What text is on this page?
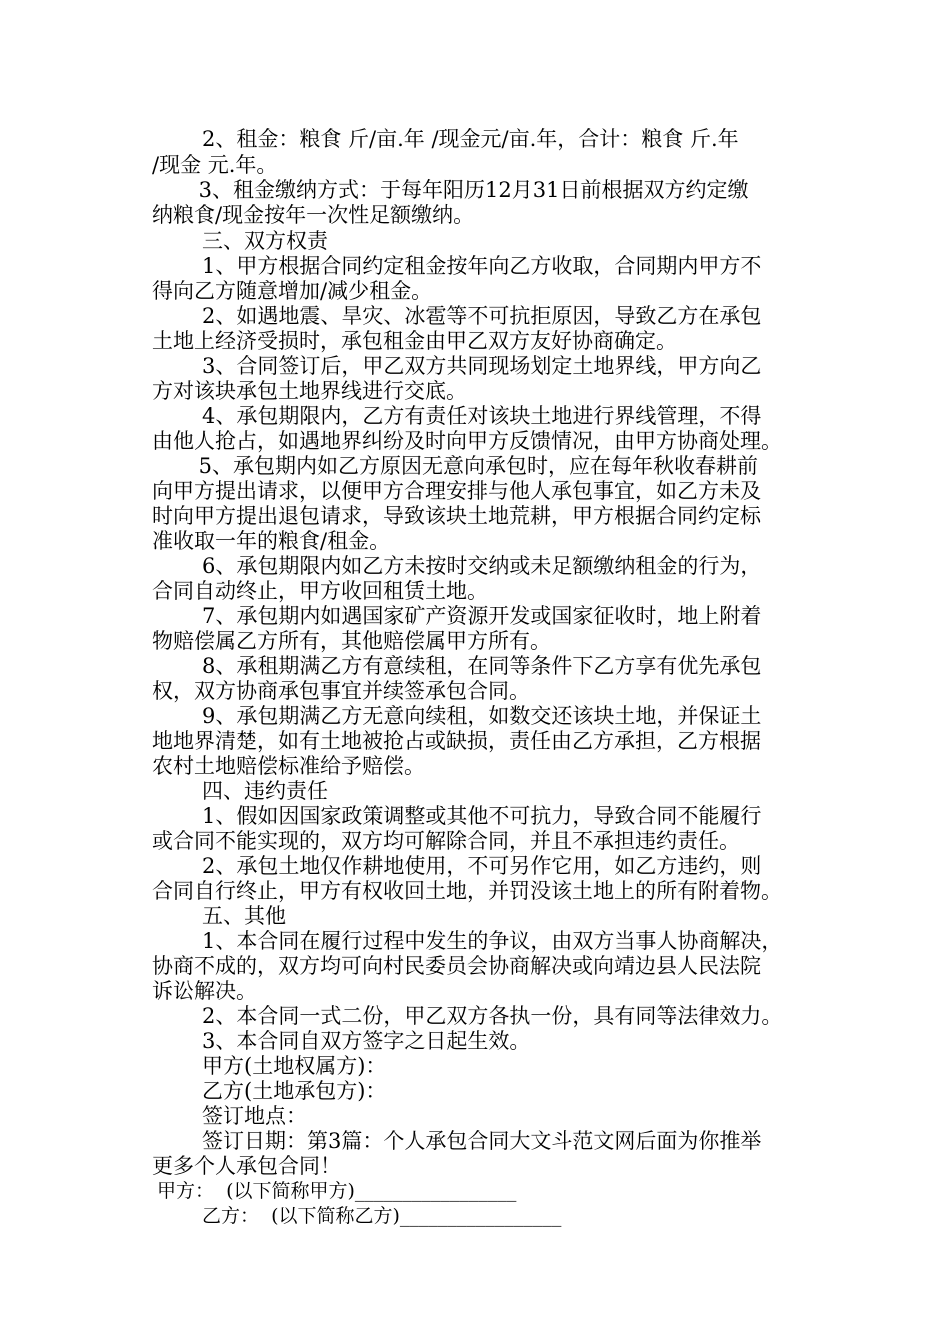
2、租金：粮食 斤/亩.年 /现金元/亩.年，合计：粮食 斤.年
/现金 元.年。
3、租金缴纳方式：于每年阳历12月31日前根据双方约定缴
纳粮食/现金按年一次性足额缴纳。
三、双方权责
1、甲方根据合同约定租金按年向乙方收取，合同期内甲方不
得向乙方随意增加/减少租金。
2、如遇地震、旱灾、冰雹等不可抗拒原因，导致乙方在承包
土地上经济受损时，承包租金由甲乙双方友好协商确定。
3、合同签订后，甲乙双方共同现场划定土地界线，甲方向乙
方对该块承包土地界线进行交底。
4、承包期限内，乙方有责任对该块土地进行界线管理，不得
由他人抢占，如遇地界纠纷及时向甲方反馈情况，由甲方协商处理。
5、承包期内如乙方原因无意向承包时，应在每年秋收春耕前
向甲方提出请求，以便甲方合理安排与他人承包事宜，如乙方未及
时向甲方提出退包请求，导致该块土地荒耕，甲方根据合同约定标
准收取一年的粮食/租金。
6、承包期限内如乙方未按时交纳或未足额缴纳租金的行为，
合同自动终止，甲方收回租赁土地。
7、承包期内如遇国家矿产资源开发或国家征收时，地上附着
物赔偿属乙方所有，其他赔偿属甲方所有。
8、承租期满乙方有意续租，在同等条件下乙方享有优先承包
权，双方协商承包事宜并续签承包合同。
9、承包期满乙方无意向续租，如数交还该块土地，并保证土
地地界清楚，如有土地被抢占或缺损，责任由乙方承担，乙方根据
农村土地赔偿标准给予赔偿。
四、违约责任
1、假如因国家政策调整或其他不可抗力，导致合同不能履行
或合同不能实现的，双方均可解除合同，并且不承担违约责任。
2、承包土地仅作耕地使用，不可另作它用，如乙方违约，则
合同自行终止，甲方有权收回土地，并罚没该土地上的所有附着物。
五、其他
1、本合同在履行过程中发生的争议，由双方当事人协商解决，
协商不成的，双方均可向村民委员会协商解决或向靖边县人民法院
诉讼解决。
2、本合同一式二份，甲乙双方各执一份，具有同等法律效力。
3、本合同自双方签字之日起生效。
甲方(土地权属方)：
乙方(土地承包方)：
签订地点：
签订日期：第3篇：个人承包合同大文斗范文网后面为你推举
更多个人承包合同！
甲方：  (以下简称甲方)_________________
乙方：  (以下简称乙方)_________________
